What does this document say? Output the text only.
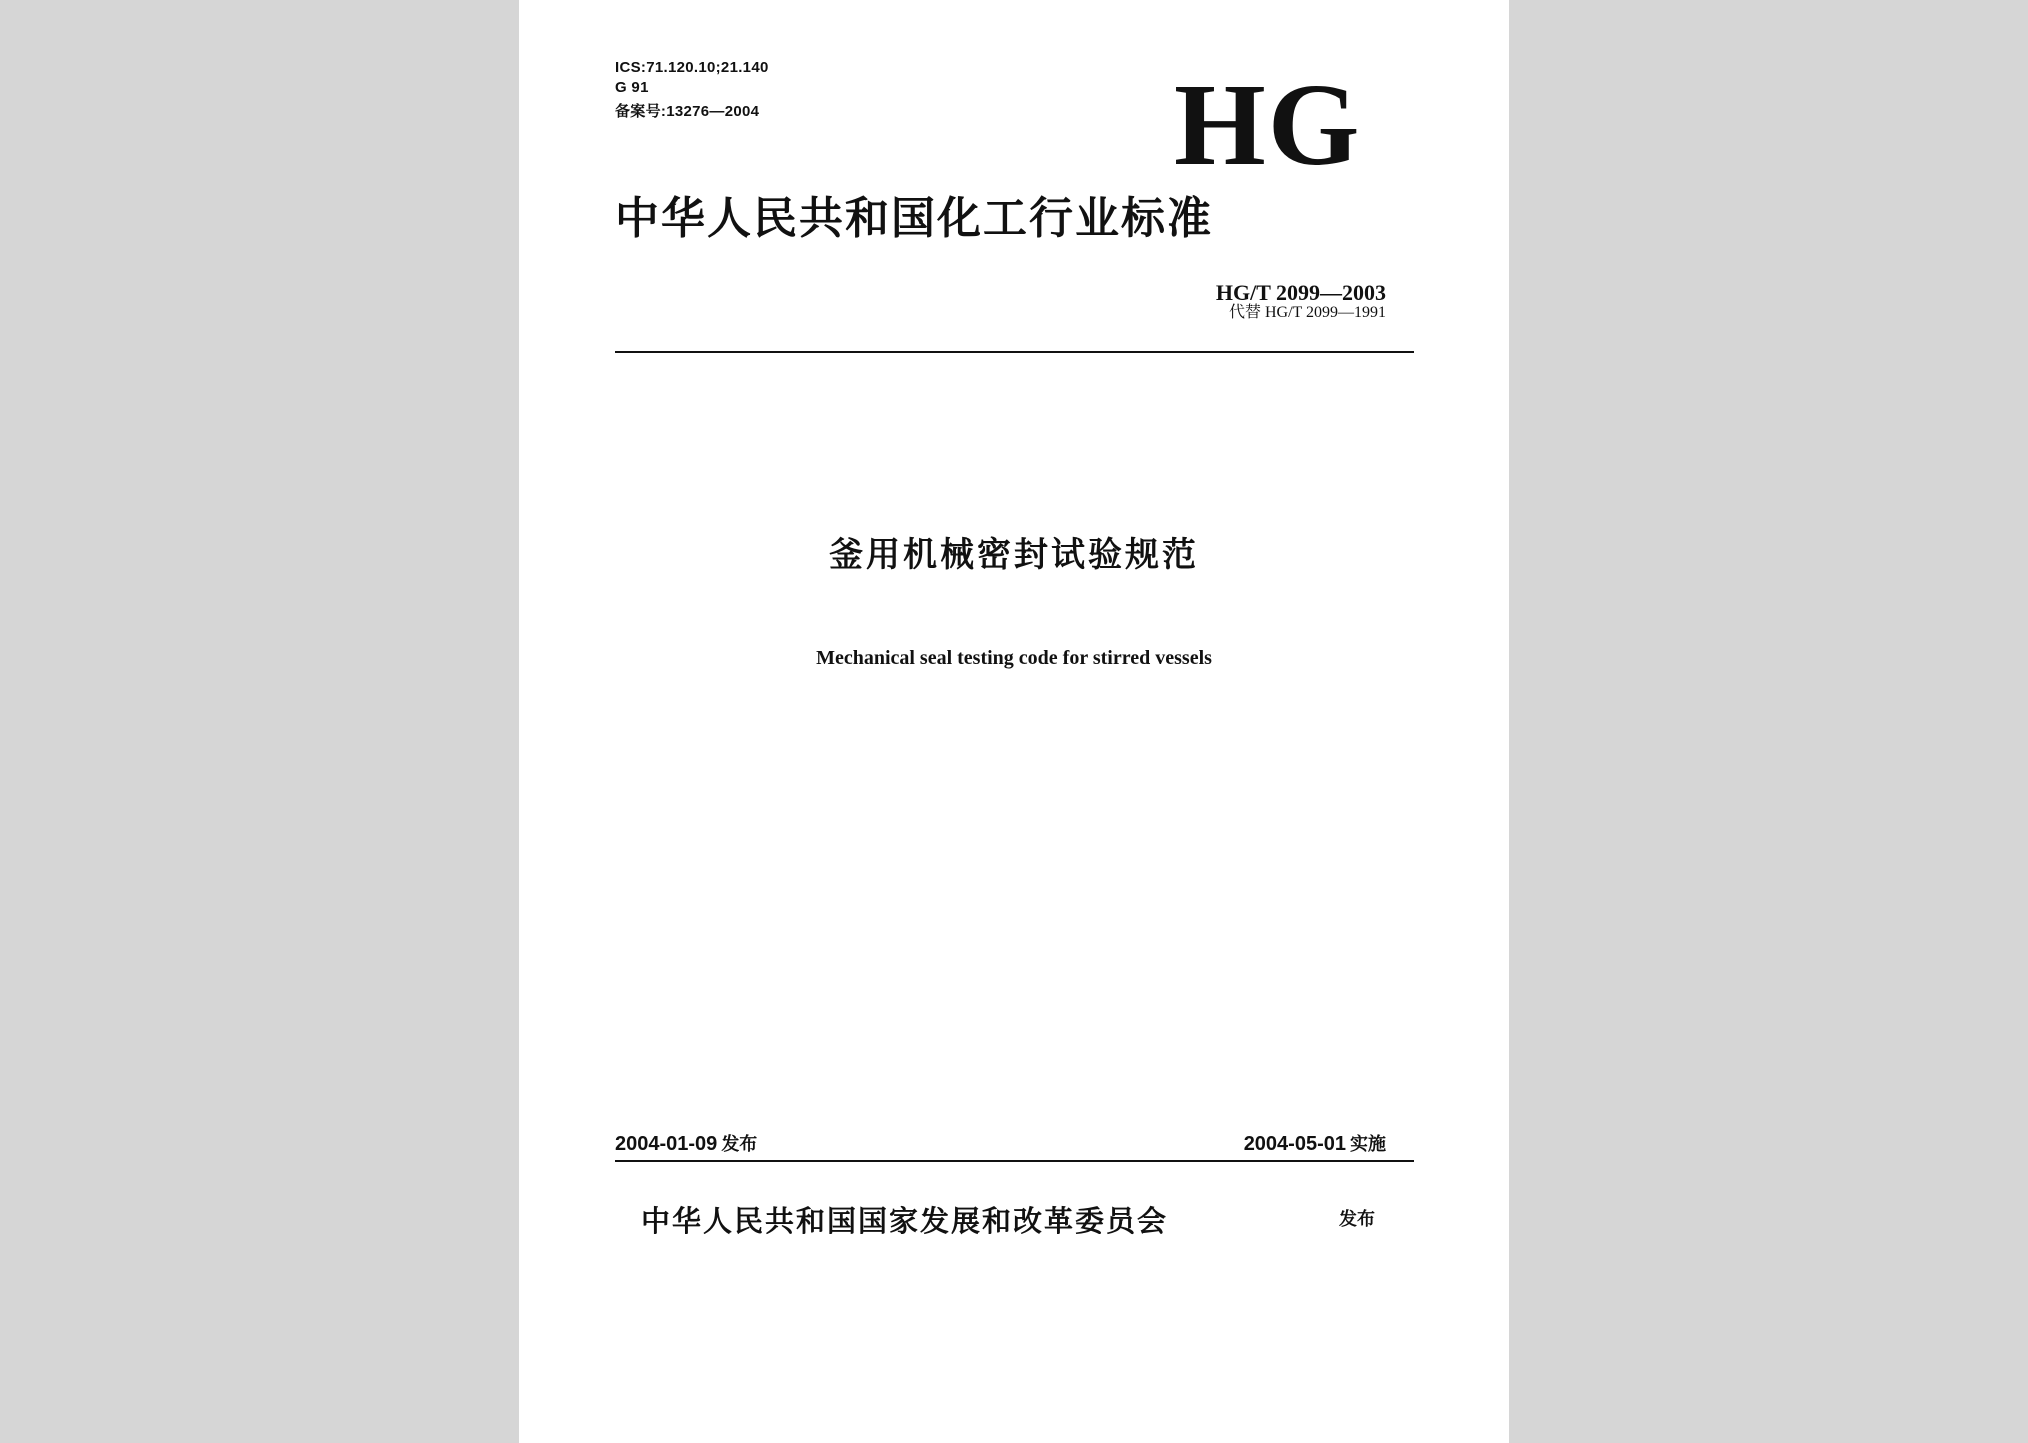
ICS:71.120.10;21.140
G 91
备案号:13276—2004	HG
中华人民共和国化工行业标准
HG/T 2099—2003
代替 HG/T 2099—1991
釜用机械密封试验规范
Mechanical seal testing code for stirred vessels
2004-01-09 发布	2004-05-01 实施
中华人民共和国国家发展和改革委员会	发布
